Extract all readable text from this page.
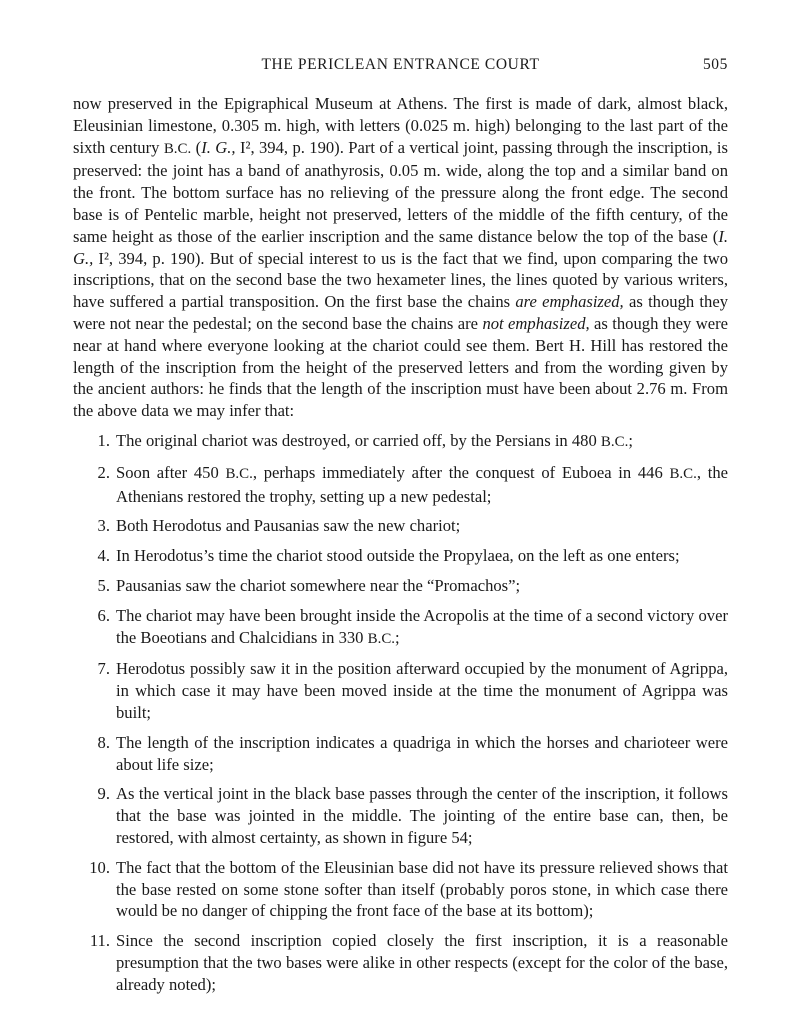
THE PERICLEAN ENTRANCE COURT	505

now preserved in the Epigraphical Museum at Athens. The first is made of dark, almost black, Eleusinian limestone, 0.305 m. high, with letters (0.025 m. high) belonging to the last part of the sixth century B.C. (I. G., I², 394, p. 190). Part of a vertical joint, passing through the inscription, is preserved: the joint has a band of anathyrosis, 0.05 m. wide, along the top and a similar band on the front. The bottom surface has no relieving of the pressure along the front edge. The second base is of Pentelic marble, height not preserved, letters of the middle of the fifth century, of the same height as those of the earlier inscription and the same distance below the top of the base (I. G., I², 394, p. 190). But of special interest to us is the fact that we find, upon comparing the two inscriptions, that on the second base the two hexameter lines, the lines quoted by various writers, have suffered a partial transposition. On the first base the chains are emphasized, as though they were not near the pedestal; on the second base the chains are not emphasized, as though they were near at hand where everyone looking at the chariot could see them. Bert H. Hill has restored the length of the inscription from the height of the preserved letters and from the wording given by the ancient authors: he finds that the length of the inscription must have been about 2.76 m. From the above data we may infer that:

1. The original chariot was destroyed, or carried off, by the Persians in 480 B.C.;
2. Soon after 450 B.C., perhaps immediately after the conquest of Euboea in 446 B.C., the Athenians restored the trophy, setting up a new pedestal;
3. Both Herodotus and Pausanias saw the new chariot;
4. In Herodotus’s time the chariot stood outside the Propylaea, on the left as one enters;
5. Pausanias saw the chariot somewhere near the “Promachos”;
6. The chariot may have been brought inside the Acropolis at the time of a second victory over the Boeotians and Chalcidians in 330 B.C.;
7. Herodotus possibly saw it in the position afterward occupied by the monument of Agrippa, in which case it may have been moved inside at the time the monument of Agrippa was built;
8. The length of the inscription indicates a quadriga in which the horses and charioteer were about life size;
9. As the vertical joint in the black base passes through the center of the inscription, it follows that the base was jointed in the middle. The jointing of the entire base can, then, be restored, with almost certainty, as shown in figure 54;
10. The fact that the bottom of the Eleusinian base did not have its pressure relieved shows that the base rested on some stone softer than itself (probably poros stone, in which case there would be no danger of chipping the front face of the base at its bottom);
11. Since the second inscription copied closely the first inscription, it is a reasonable presumption that the two bases were alike in other respects (except for the color of the base, already noted);
